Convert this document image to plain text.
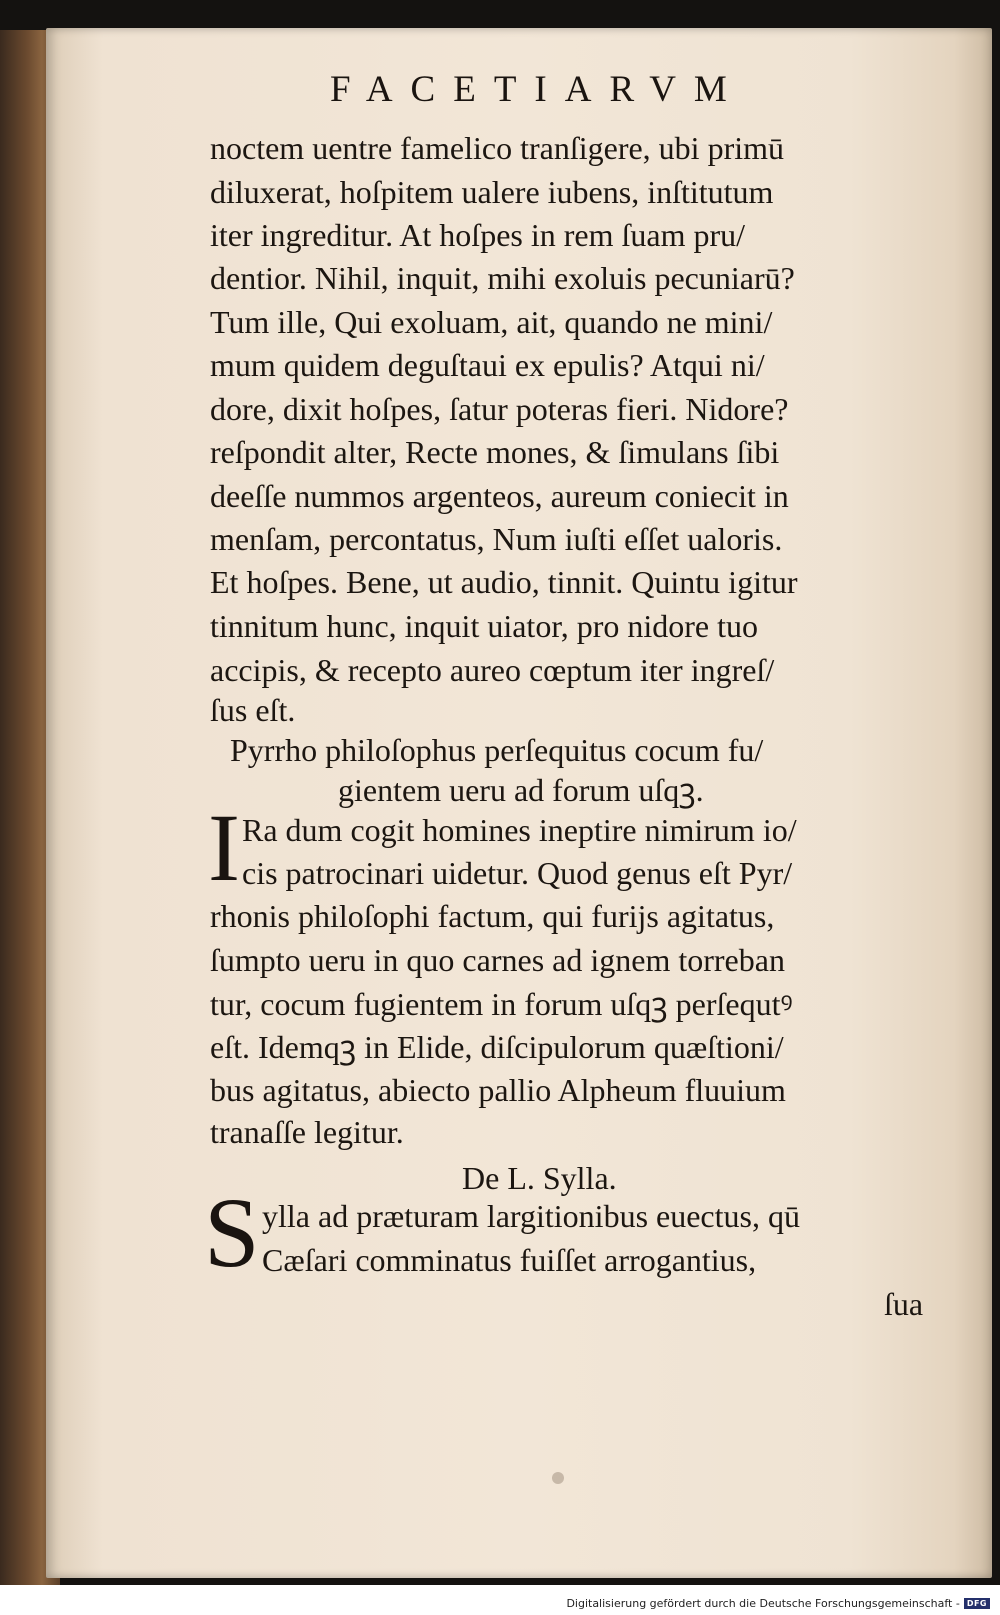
FACETIARVM
noctem uentre famelico tranſigere, ubi primū
diluxerat, hoſpitem ualere iubens, inſtitutum
iter ingreditur. At hoſpes in rem ſuam pru/
dentior. Nihil, inquit, mihi exoluis pecuniarū?
Tum ille, Qui exoluam, ait, quando ne mini/
mum quidem deguſtaui ex epulis? Atqui ni/
dore, dixit hoſpes, ſatur poteras fieri. Nidore?
reſpondit alter, Recte mones, & ſimulans ſibi
deeſſe nummos argenteos, aureum coniecit in
menſam, percontatus, Num iuſti eſſet ualoris.
Et hoſpes. Bene, ut audio, tinnit. Quintu igitur
tinnitum hunc, inquit uiator, pro nidore tuo
accipis, & recepto aureo cœptum iter ingreſ/
ſus eſt.
Pyrrho philoſophus perſequitus cocum fu/
gientem ueru ad forum uſqꝫ.
I Ra dum cogit homines ineptire nimirum io/
cis patrocinari uidetur. Quod genus eſt Pyr/
rhonis philoſophi factum, qui furijs agitatus,
ſumpto ueru in quo carnes ad ignem torreban
tur, cocum fugientem in forum uſqꝫ perſequtꝰ
eſt. Idemqꝫ in Elide, diſcipulorum quæſtioni/
bus agitatus, abiecto pallio Alpheum fluuium
tranaſſe legitur.
De L. Sylla.
S ylla ad præturam largitionibus euectus, qū
Cæſari comminatus fuiſſet arrogantius,
ſua
Digitalisierung gefördert durch die Deutsche Forschungsgemeinschaft - DFG
